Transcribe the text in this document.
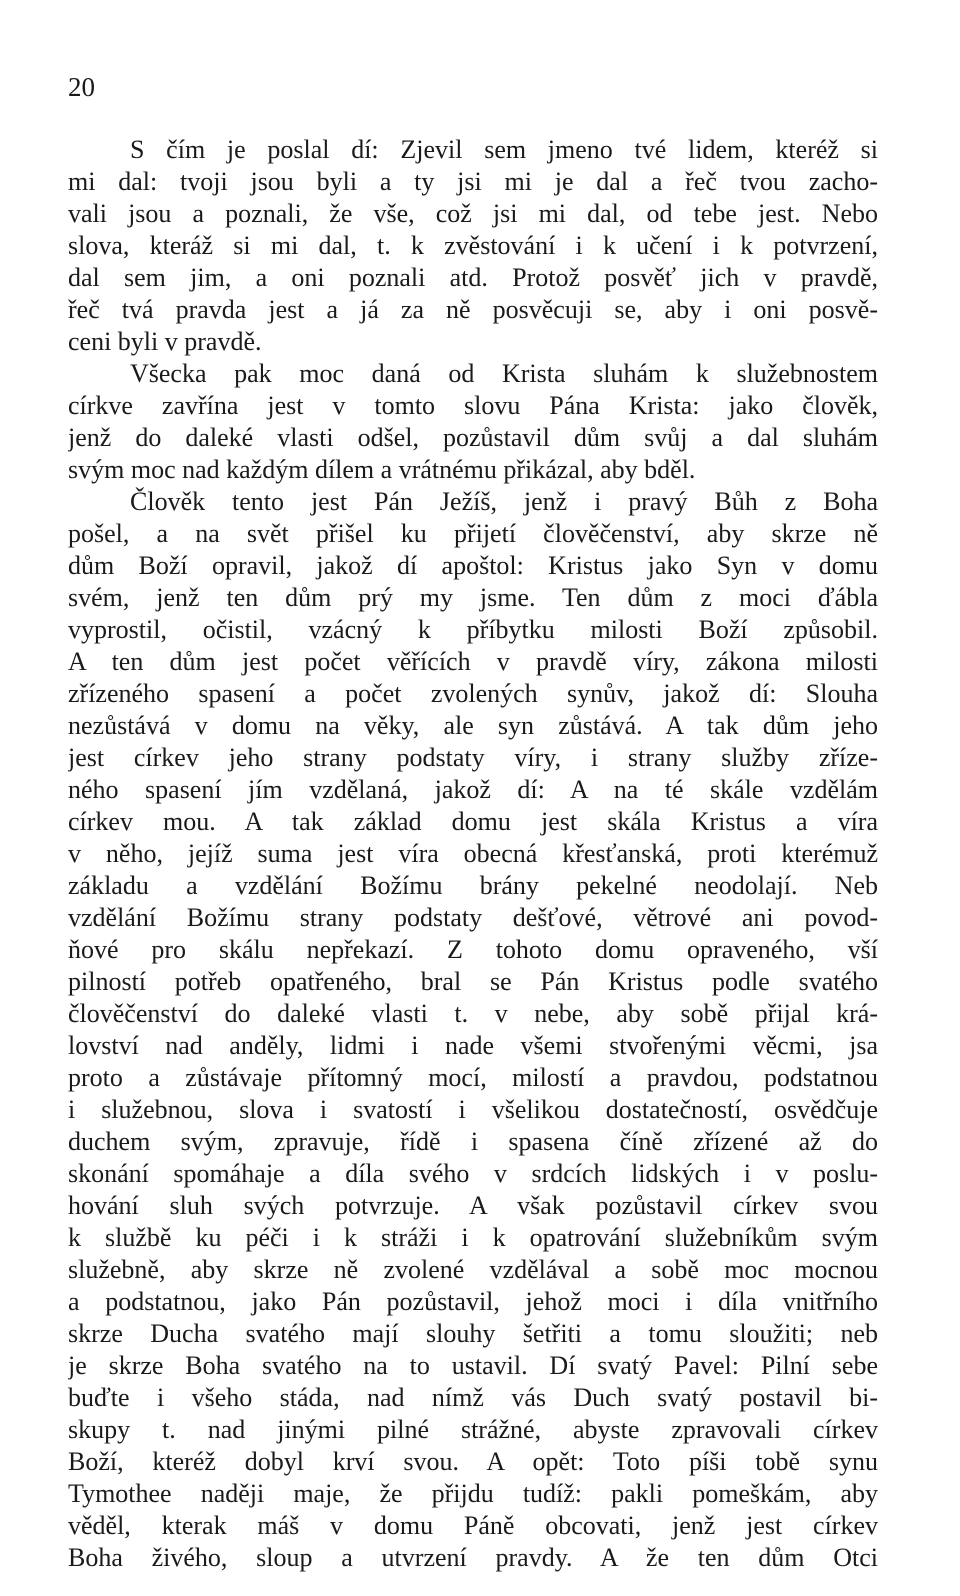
20
S čím je poslal dí: Zjevil sem jmeno tvé lidem, kteréž si
mi dal: tvoji jsou byli a ty jsi mi je dal a řeč tvou zacho-
vali jsou a poznali, že vše, což jsi mi dal, od tebe jest. Nebo
slova, kteráž si mi dal, t. k zvěstování i k učení i k potvrzení,
dal sem jim, a oni poznali atd. Protož posvěť jich v pravdě,
řeč tvá pravda jest a já za ně posvěcuji se, aby i oni posvě-
ceni byli v pravdě.
Všecka pak moc daná od Krista sluhám k služebnostem
církve zavřína jest v tomto slovu Pána Krista: jako člověk,
jenž do daleké vlasti odšel, pozůstavil dům svůj a dal sluhám
svým moc nad každým dílem a vrátnému přikázal, aby bděl.
Člověk tento jest Pán Ježíš, jenž i pravý Bůh z Boha
pošel, a na svět přišel ku přijetí člověčenství, aby skrze ně
dům Boží opravil, jakož dí apoštol: Kristus jako Syn v domu
svém, jenž ten dům prý my jsme. Ten dům z moci ďábla
vyprostil, očistil, vzácný k příbytku milosti Boží způsobil.
A ten dům jest počet věřících v pravdě víry, zákona milosti
zřízeného spasení a počet zvolených synův, jakož dí: Slouha
nezůstává v domu na věky, ale syn zůstává. A tak dům jeho
jest církev jeho strany podstaty víry, i strany služby zříze-
ného spasení jím vzdělaná, jakož dí: A na té skále vzdělám
církev mou. A tak základ domu jest skála Kristus a víra
v něho, jejíž suma jest víra obecná křesťanská, proti kterémuž
základu a vzdělání Božímu brány pekelné neodolají. Neb
vzdělání Božímu strany podstaty dešťové, větrové ani povod-
ňové pro skálu nepřekazí. Z tohoto domu opraveného, vší
pilností potřeb opatřeného, bral se Pán Kristus podle svatého
člověčenství do daleké vlasti t. v nebe, aby sobě přijal krá-
lovství nad anděly, lidmi i nade všemi stvořenými věcmi, jsa
proto a zůstávaje přítomný mocí, milostí a pravdou, podstatnou
i služebnou, slova i svatostí i všelikou dostatečností, osvědčuje
duchem svým, zpravuje, řídě i spasena číně zřízené až do
skonání spomáhaje a díla svého v srdcích lidských i v poslu-
hování sluh svých potvrzuje. A však pozůstavil církev svou
k službě ku péči i k stráži i k opatrování služebníkům svým
služebně, aby skrze ně zvolené vzdělával a sobě moc mocnou
a podstatnou, jako Pán pozůstavil, jehož moci i díla vnitřního
skrze Ducha svatého mají slouhy šetřiti a tomu sloužiti; neb
je skrze Boha svatého na to ustavil. Dí svatý Pavel: Pilní sebe
buďte i všeho stáda, nad nímž vás Duch svatý postavil bi-
skupy t. nad jinými pilné strážné, abyste zpravovali církev
Boží, kteréž dobyl krví svou. A opět: Toto píši tobě synu
Tymothee naději maje, že přijdu tudíž: pakli pomeškám, aby
věděl, kterak máš v domu Páně obcovati, jenž jest církev
Boha živého, sloup a utvrzení pravdy. A že ten dům Otci
